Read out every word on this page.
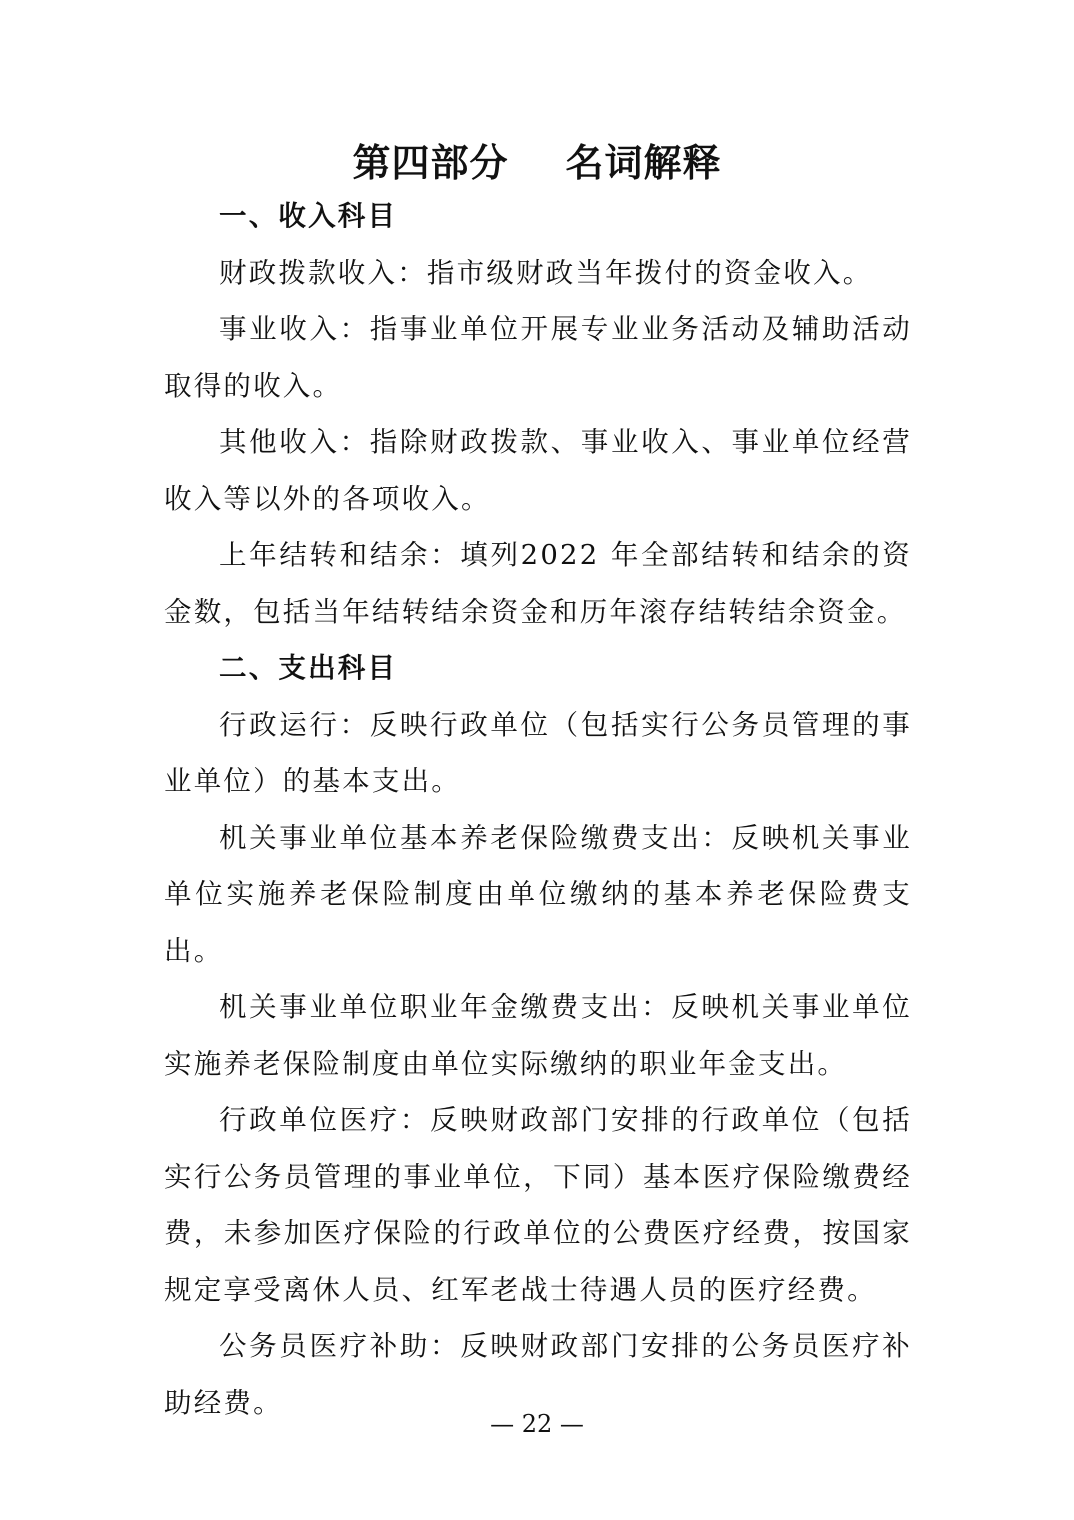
第四部分    名词解释
一、收入科目

财政拨款收入：指市级财政当年拨付的资金收入。

事业收入：指事业单位开展专业业务活动及辅助活动取得的收入。

其他收入：指除财政拨款、事业收入、事业单位经营收入等以外的各项收入。

上年结转和结余：填列2022 年全部结转和结余的资金数，包括当年结转结余资金和历年滚存结转结余资金。

二、支出科目

行政运行：反映行政单位（包括实行公务员管理的事业单位）的基本支出。

机关事业单位基本养老保险缴费支出：反映机关事业单位实施养老保险制度由单位缴纳的基本养老保险费支出。

机关事业单位职业年金缴费支出：反映机关事业单位实施养老保险制度由单位实际缴纳的职业年金支出。

行政单位医疗：反映财政部门安排的行政单位（包括实行公务员管理的事业单位，下同）基本医疗保险缴费经费，未参加医疗保险的行政单位的公费医疗经费，按国家规定享受离休人员、红军老战士待遇人员的医疗经费。

公务员医疗补助：反映财政部门安排的公务员医疗补助经费。

— 22 —
